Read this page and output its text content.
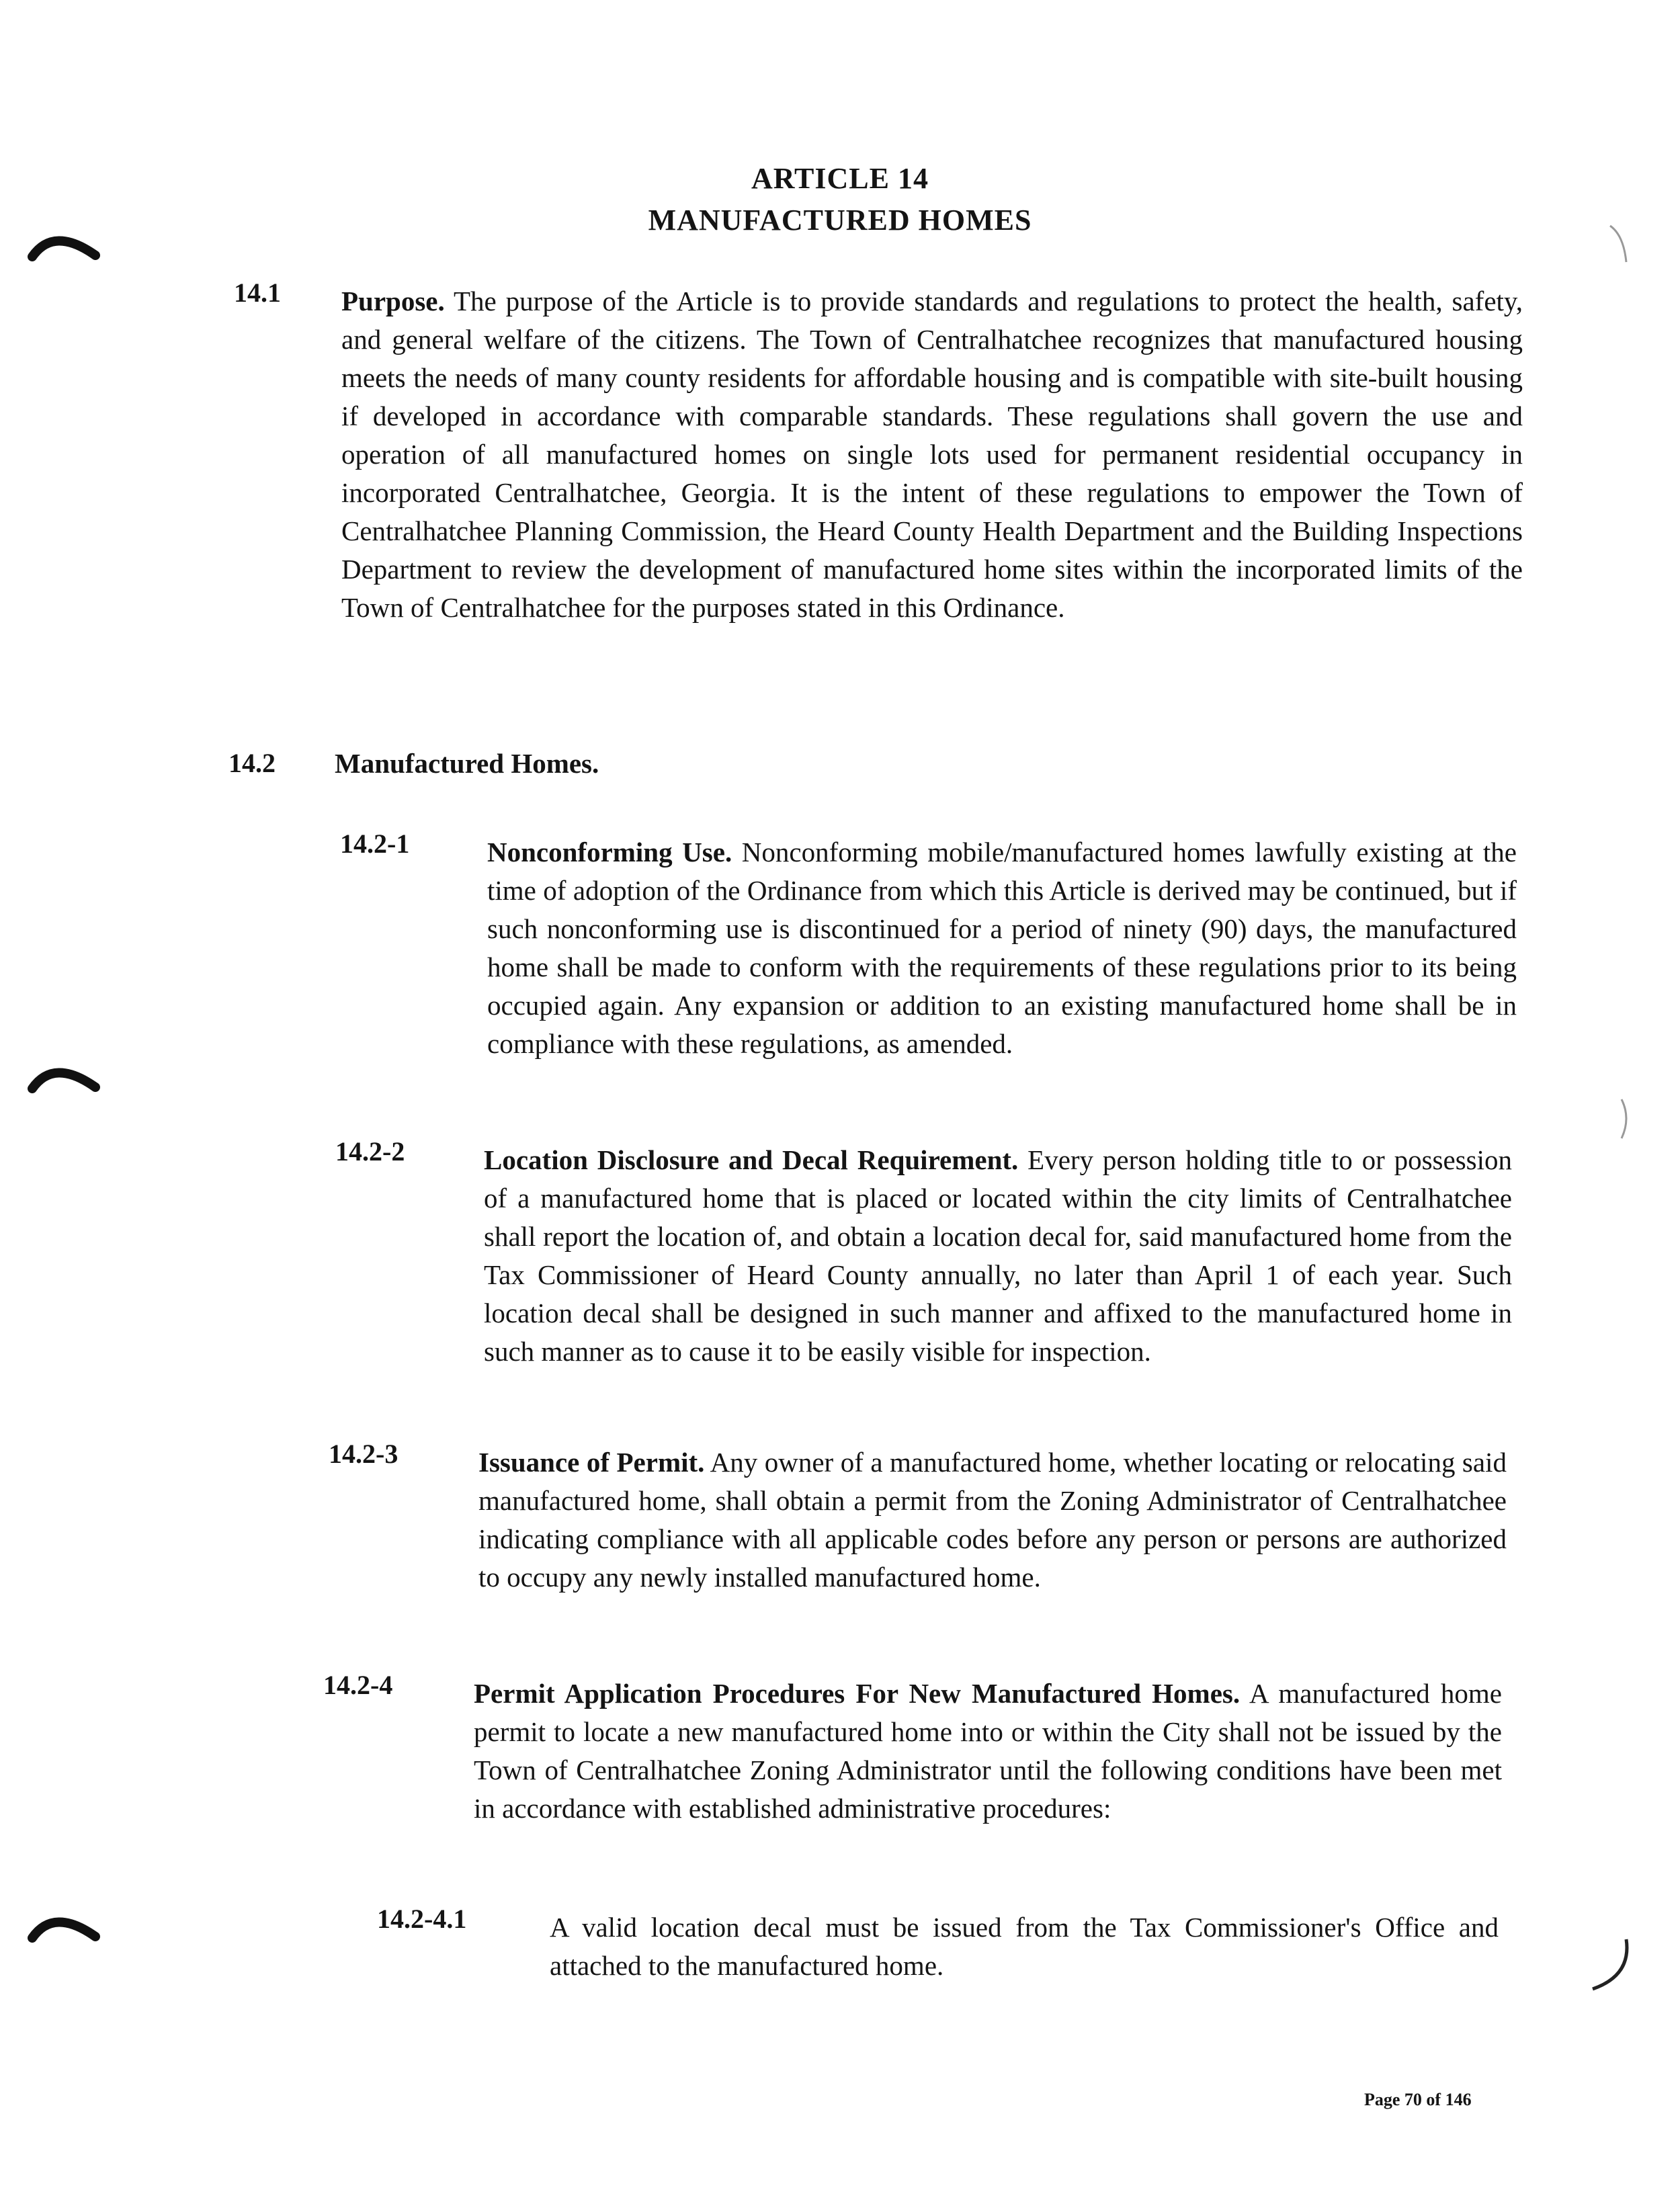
ARTICLE 14
MANUFACTURED HOMES
14.1 Purpose. The purpose of the Article is to provide standards and regulations to protect the health, safety, and general welfare of the citizens. The Town of Centralhatchee recognizes that manufactured housing meets the needs of many county residents for affordable housing and is compatible with site-built housing if developed in accordance with comparable standards. These regulations shall govern the use and operation of all manufactured homes on single lots used for permanent residential occupancy in incorporated Centralhatchee, Georgia. It is the intent of these regulations to empower the Town of Centralhatchee Planning Commission, the Heard County Health Department and the Building Inspections Department to review the development of manufactured home sites within the incorporated limits of the Town of Centralhatchee for the purposes stated in this Ordinance.
14.2 Manufactured Homes.
14.2-1	Nonconforming Use. Nonconforming mobile/manufactured homes lawfully existing at the time of adoption of the Ordinance from which this Article is derived may be continued, but if such nonconforming use is discontinued for a period of ninety (90) days, the manufactured home shall be made to conform with the requirements of these regulations prior to its being occupied again. Any expansion or addition to an existing manufactured home shall be in compliance with these regulations, as amended.
14.2-2	Location Disclosure and Decal Requirement. Every person holding title to or possession of a manufactured home that is placed or located within the city limits of Centralhatchee shall report the location of, and obtain a location decal for, said manufactured home from the Tax Commissioner of Heard County annually, no later than April 1 of each year. Such location decal shall be designed in such manner and affixed to the manufactured home in such manner as to cause it to be easily visible for inspection.
14.2-3	Issuance of Permit. Any owner of a manufactured home, whether locating or relocating said manufactured home, shall obtain a permit from the Zoning Administrator of Centralhatchee indicating compliance with all applicable codes before any person or persons are authorized to occupy any newly installed manufactured home.
14.2-4	Permit Application Procedures For New Manufactured Homes. A manufactured home permit to locate a new manufactured home into or within the City shall not be issued by the Town of Centralhatchee Zoning Administrator until the following conditions have been met in accordance with established administrative procedures:
14.2-4.1	A valid location decal must be issued from the Tax Commissioner's Office and attached to the manufactured home.
Page 70 of 146
